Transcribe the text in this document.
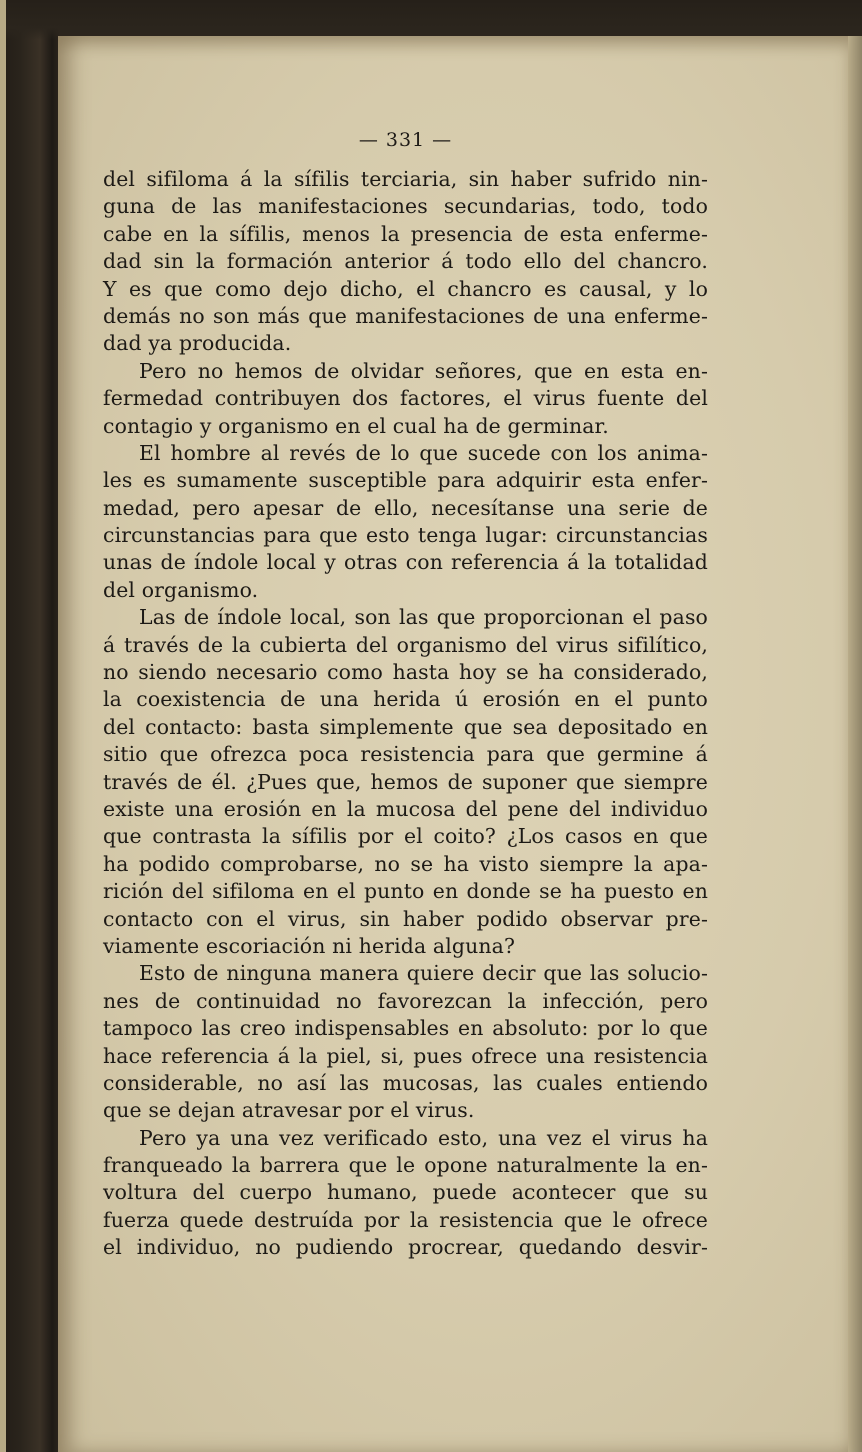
— 331 —
del sifiloma á la sífilis terciaria, sin haber sufrido nin-
guna de las manifestaciones secundarias, todo, todo
cabe en la sífilis, menos la presencia de esta enferme-
dad sin la formación anterior á todo ello del chancro.
Y es que como dejo dicho, el chancro es causal, y lo
demás no son más que manifestaciones de una enferme-
dad ya producida.
Pero no hemos de olvidar señores, que en esta en-
fermedad contribuyen dos factores, el virus fuente del
contagio y organismo en el cual ha de germinar.
El hombre al revés de lo que sucede con los anima-
les es sumamente susceptible para adquirir esta enfer-
medad, pero apesar de ello, necesítanse una serie de
circunstancias para que esto tenga lugar: circunstancias
unas de índole local y otras con referencia á la totalidad
del organismo.
Las de índole local, son las que proporcionan el paso
á través de la cubierta del organismo del virus sifilítico,
no siendo necesario como hasta hoy se ha considerado,
la coexistencia de una herida ú erosión en el punto
del contacto: basta simplemente que sea depositado en
sitio que ofrezca poca resistencia para que germine á
través de él. ¿Pues que, hemos de suponer que siempre
existe una erosión en la mucosa del pene del individuo
que contrasta la sífilis por el coito? ¿Los casos en que
ha podido comprobarse, no se ha visto siempre la apa-
rición del sifiloma en el punto en donde se ha puesto en
contacto con el virus, sin haber podido observar pre-
viamente escoriación ni herida alguna?
Esto de ninguna manera quiere decir que las solucio-
nes de continuidad no favorezcan la infección, pero
tampoco las creo indispensables en absoluto: por lo que
hace referencia á la piel, si, pues ofrece una resistencia
considerable, no así las mucosas, las cuales entiendo
que se dejan atravesar por el virus.
Pero ya una vez verificado esto, una vez el virus ha
franqueado la barrera que le opone naturalmente la en-
voltura del cuerpo humano, puede acontecer que su
fuerza quede destruída por la resistencia que le ofrece
el individuo, no pudiendo procrear, quedando desvir-
